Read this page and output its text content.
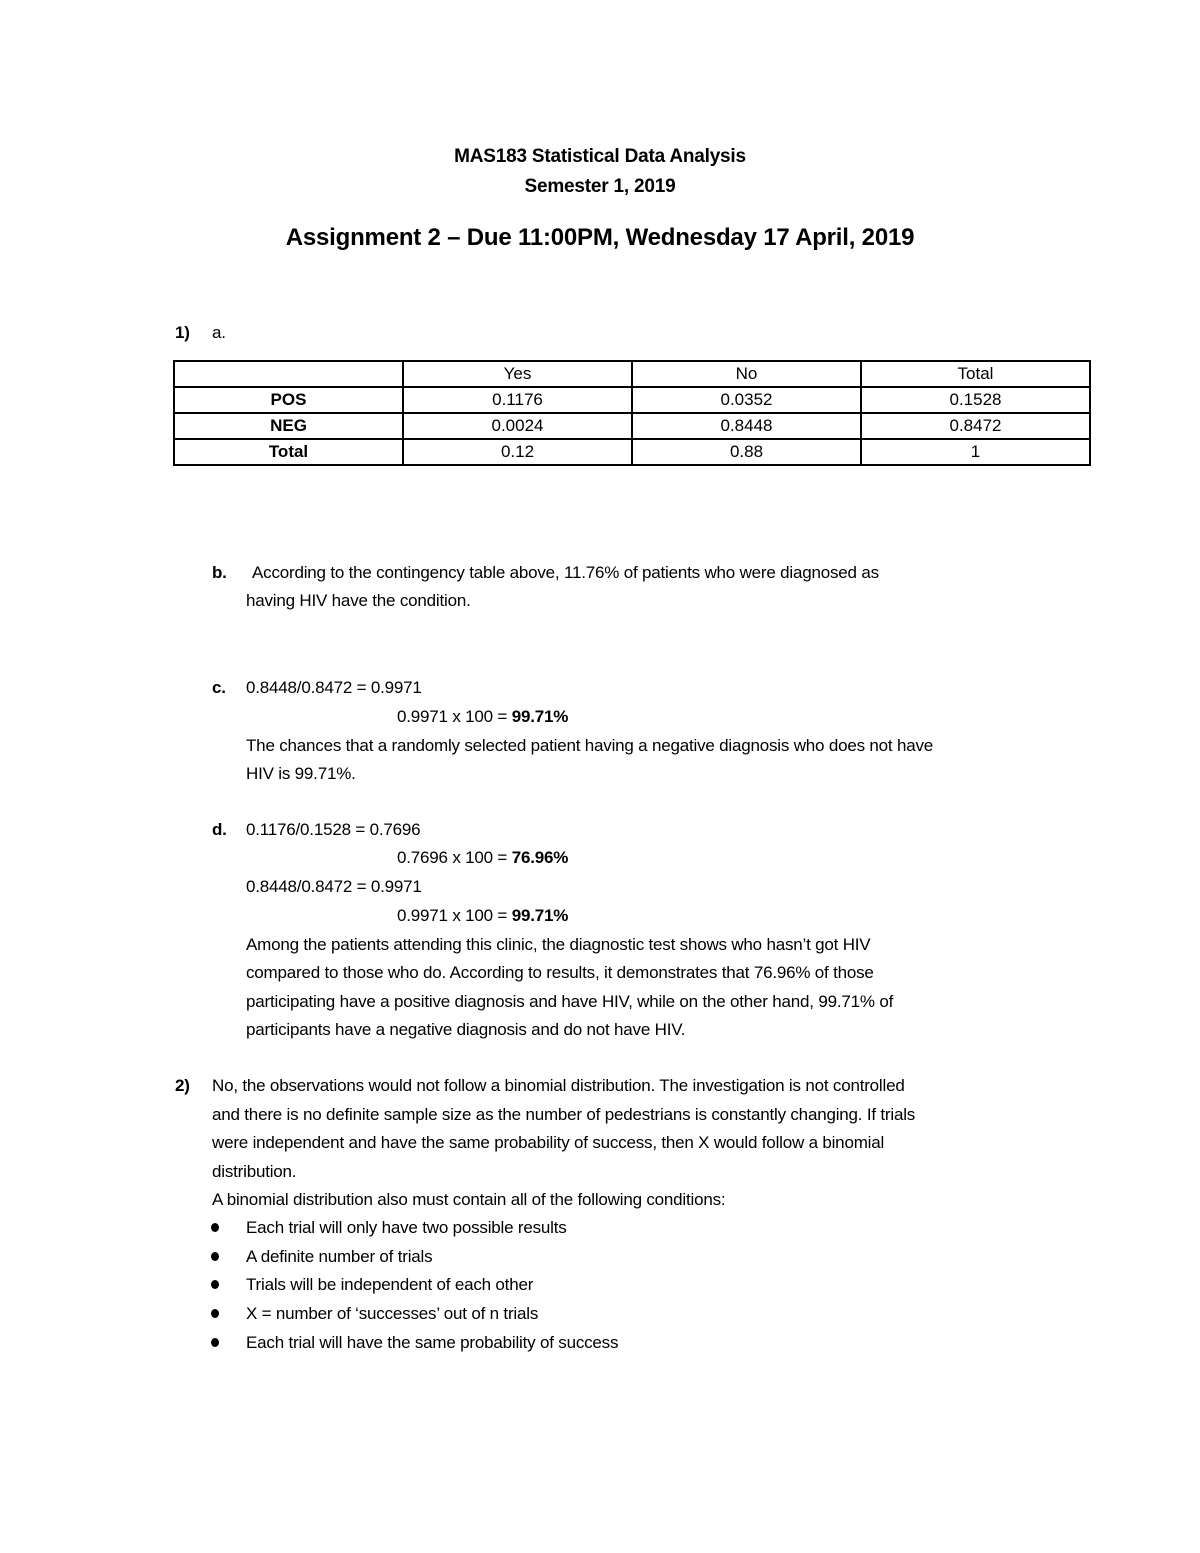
MAS183 Statistical Data Analysis
Semester 1, 2019
Assignment 2 – Due 11:00PM, Wednesday 17 April, 2019
1) a.
	Yes	No	Total
POS	0.1176	0.0352	0.1528
NEG	0.0024	0.8448	0.8472
Total	0.12	0.88	1
b. According to the contingency table above, 11.76% of patients who were diagnosed as
having HIV have the condition.
c. 0.8448/0.8472 = 0.9971
0.9971 x 100 = 99.71%
The chances that a randomly selected patient having a negative diagnosis who does not have
HIV is 99.71%.
d. 0.1176/0.1528 = 0.7696
0.7696 x 100 = 76.96%
0.8448/0.8472 = 0.9971
0.9971 x 100 = 99.71%
Among the patients attending this clinic, the diagnostic test shows who hasn’t got HIV
compared to those who do. According to results, it demonstrates that 76.96% of those
participating have a positive diagnosis and have HIV, while on the other hand, 99.71% of
participants have a negative diagnosis and do not have HIV.
2) No, the observations would not follow a binomial distribution. The investigation is not controlled
and there is no definite sample size as the number of pedestrians is constantly changing. If trials
were independent and have the same probability of success, then X would follow a binomial
distribution.
A binomial distribution also must contain all of the following conditions:
Each trial will only have two possible results
A definite number of trials
Trials will be independent of each other
X = number of ‘successes’ out of n trials
Each trial will have the same probability of success
